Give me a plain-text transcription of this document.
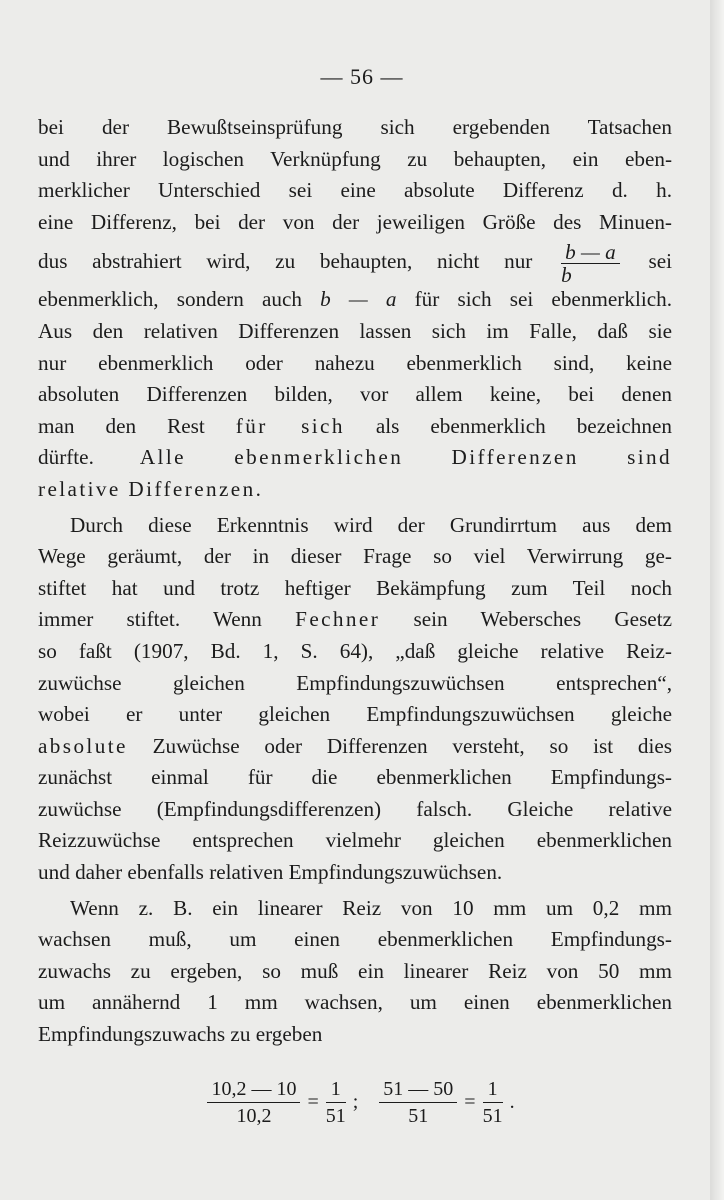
— 56 —
bei der Bewußtseinsprüfung sich ergebenden Tatsachen
und ihrer logischen Verknüpfung zu behaupten, ein eben-
merklicher Unterschied sei eine absolute Differenz d. h.
eine Differenz, bei der von der jeweiligen Größe des Minuen-
dus abstrahiert wird, zu behaupten, nicht nur $\frac{b — a}{b}$ sei
ebenmerklich, sondern auch b — a für sich sei ebenmerklich.
Aus den relativen Differenzen lassen sich im Falle, daß sie
nur ebenmerklich oder nahezu ebenmerklich sind, keine
absoluten Differenzen bilden, vor allem keine, bei denen
man den Rest für sich als ebenmerklich bezeichnen
dürfte. Alle ebenmerklichen Differenzen sind
relative Differenzen.
Durch diese Erkenntnis wird der Grundirrtum aus dem
Wege geräumt, der in dieser Frage so viel Verwirrung ge-
stiftet hat und trotz heftiger Bekämpfung zum Teil noch
immer stiftet. Wenn Fechner sein Webersches Gesetz
so faßt (1907, Bd. 1, S. 64), „daß gleiche relative Reiz-
zuwüchse gleichen Empfindungszuwüchsen entsprechen“,
wobei er unter gleichen Empfindungszuwüchsen gleiche
absolute Zuwüchse oder Differenzen versteht, so ist dies
zunächst einmal für die ebenmerklichen Empfindungs-
zuwüchse (Empfindungsdifferenzen) falsch. Gleiche relative
Reizzuwüchse entsprechen vielmehr gleichen ebenmerklichen
und daher ebenfalls relativen Empfindungszuwüchsen.
Wenn z. B. ein linearer Reiz von 10 mm um 0,2 mm
wachsen muß, um einen ebenmerklichen Empfindungs-
zuwachs zu ergeben, so muß ein linearer Reiz von 50 mm
um annähernd 1 mm wachsen, um einen ebenmerklichen
Empfindungszuwachs zu ergeben
$\frac{10,2 — 10}{10,2} = \frac{1}{51}$ ; $\frac{51 — 50}{51} = \frac{1}{51}$ .
